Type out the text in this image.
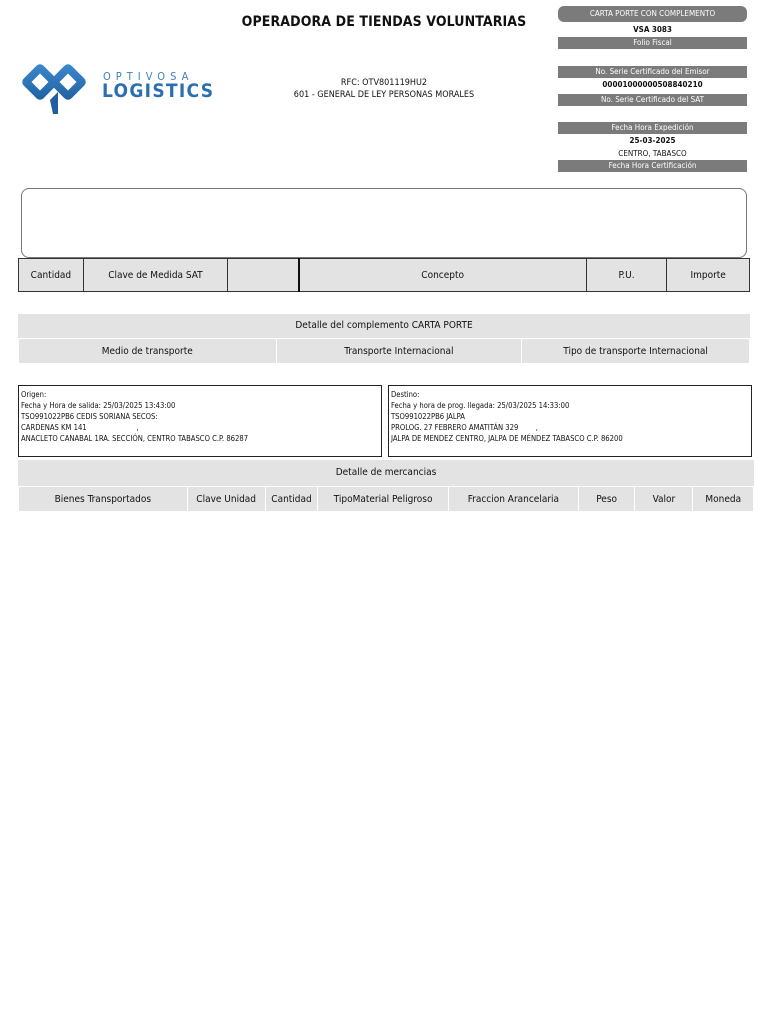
OPERADORA DE TIENDAS VOLUNTARIAS
RFC: OTV801119HU2
601 - GENERAL DE LEY PERSONAS MORALES
OPTIVOSA
LOGISTICS
CARTA PORTE CON COMPLEMENTO
VSA 3083
Folio Fiscal
No. Serie Certificado del Emisor
00001000000508840210
No. Serie Certificado del SAT
Fecha Hora Expedición
25-03-2025
CENTRO, TABASCO
Fecha Hora Certificación
Cantidad	Clave de Medida SAT		Concepto	P.U.	Importe
Detalle del complemento CARTA PORTE
Medio de transporte	Transporte Internacional	Tipo de transporte Internacional
Origen:
Fecha y Hora de salida: 25/03/2025 13:43:00
TSO991022PB6 CEDIS SORIANA SECOS:
CARDENAS KM 141                       ,
ANACLETO CANABAL 1RA. SECCIÓN, CENTRO TABASCO C.P. 86287
Destino:
Fecha y hora de prog. llegada: 25/03/2025 14:33:00
TSO991022PB6 JALPA
PROLOG. 27 FEBRERO AMATITÁN 329        ,
JALPA DE MENDEZ CENTRO, JALPA DE MÉNDEZ TABASCO C.P. 86200
Detalle de mercancias
Bienes Transportados	Clave Unidad	Cantidad	TipoMaterial Peligroso	Fraccion Arancelaria	Peso	Valor	Moneda
